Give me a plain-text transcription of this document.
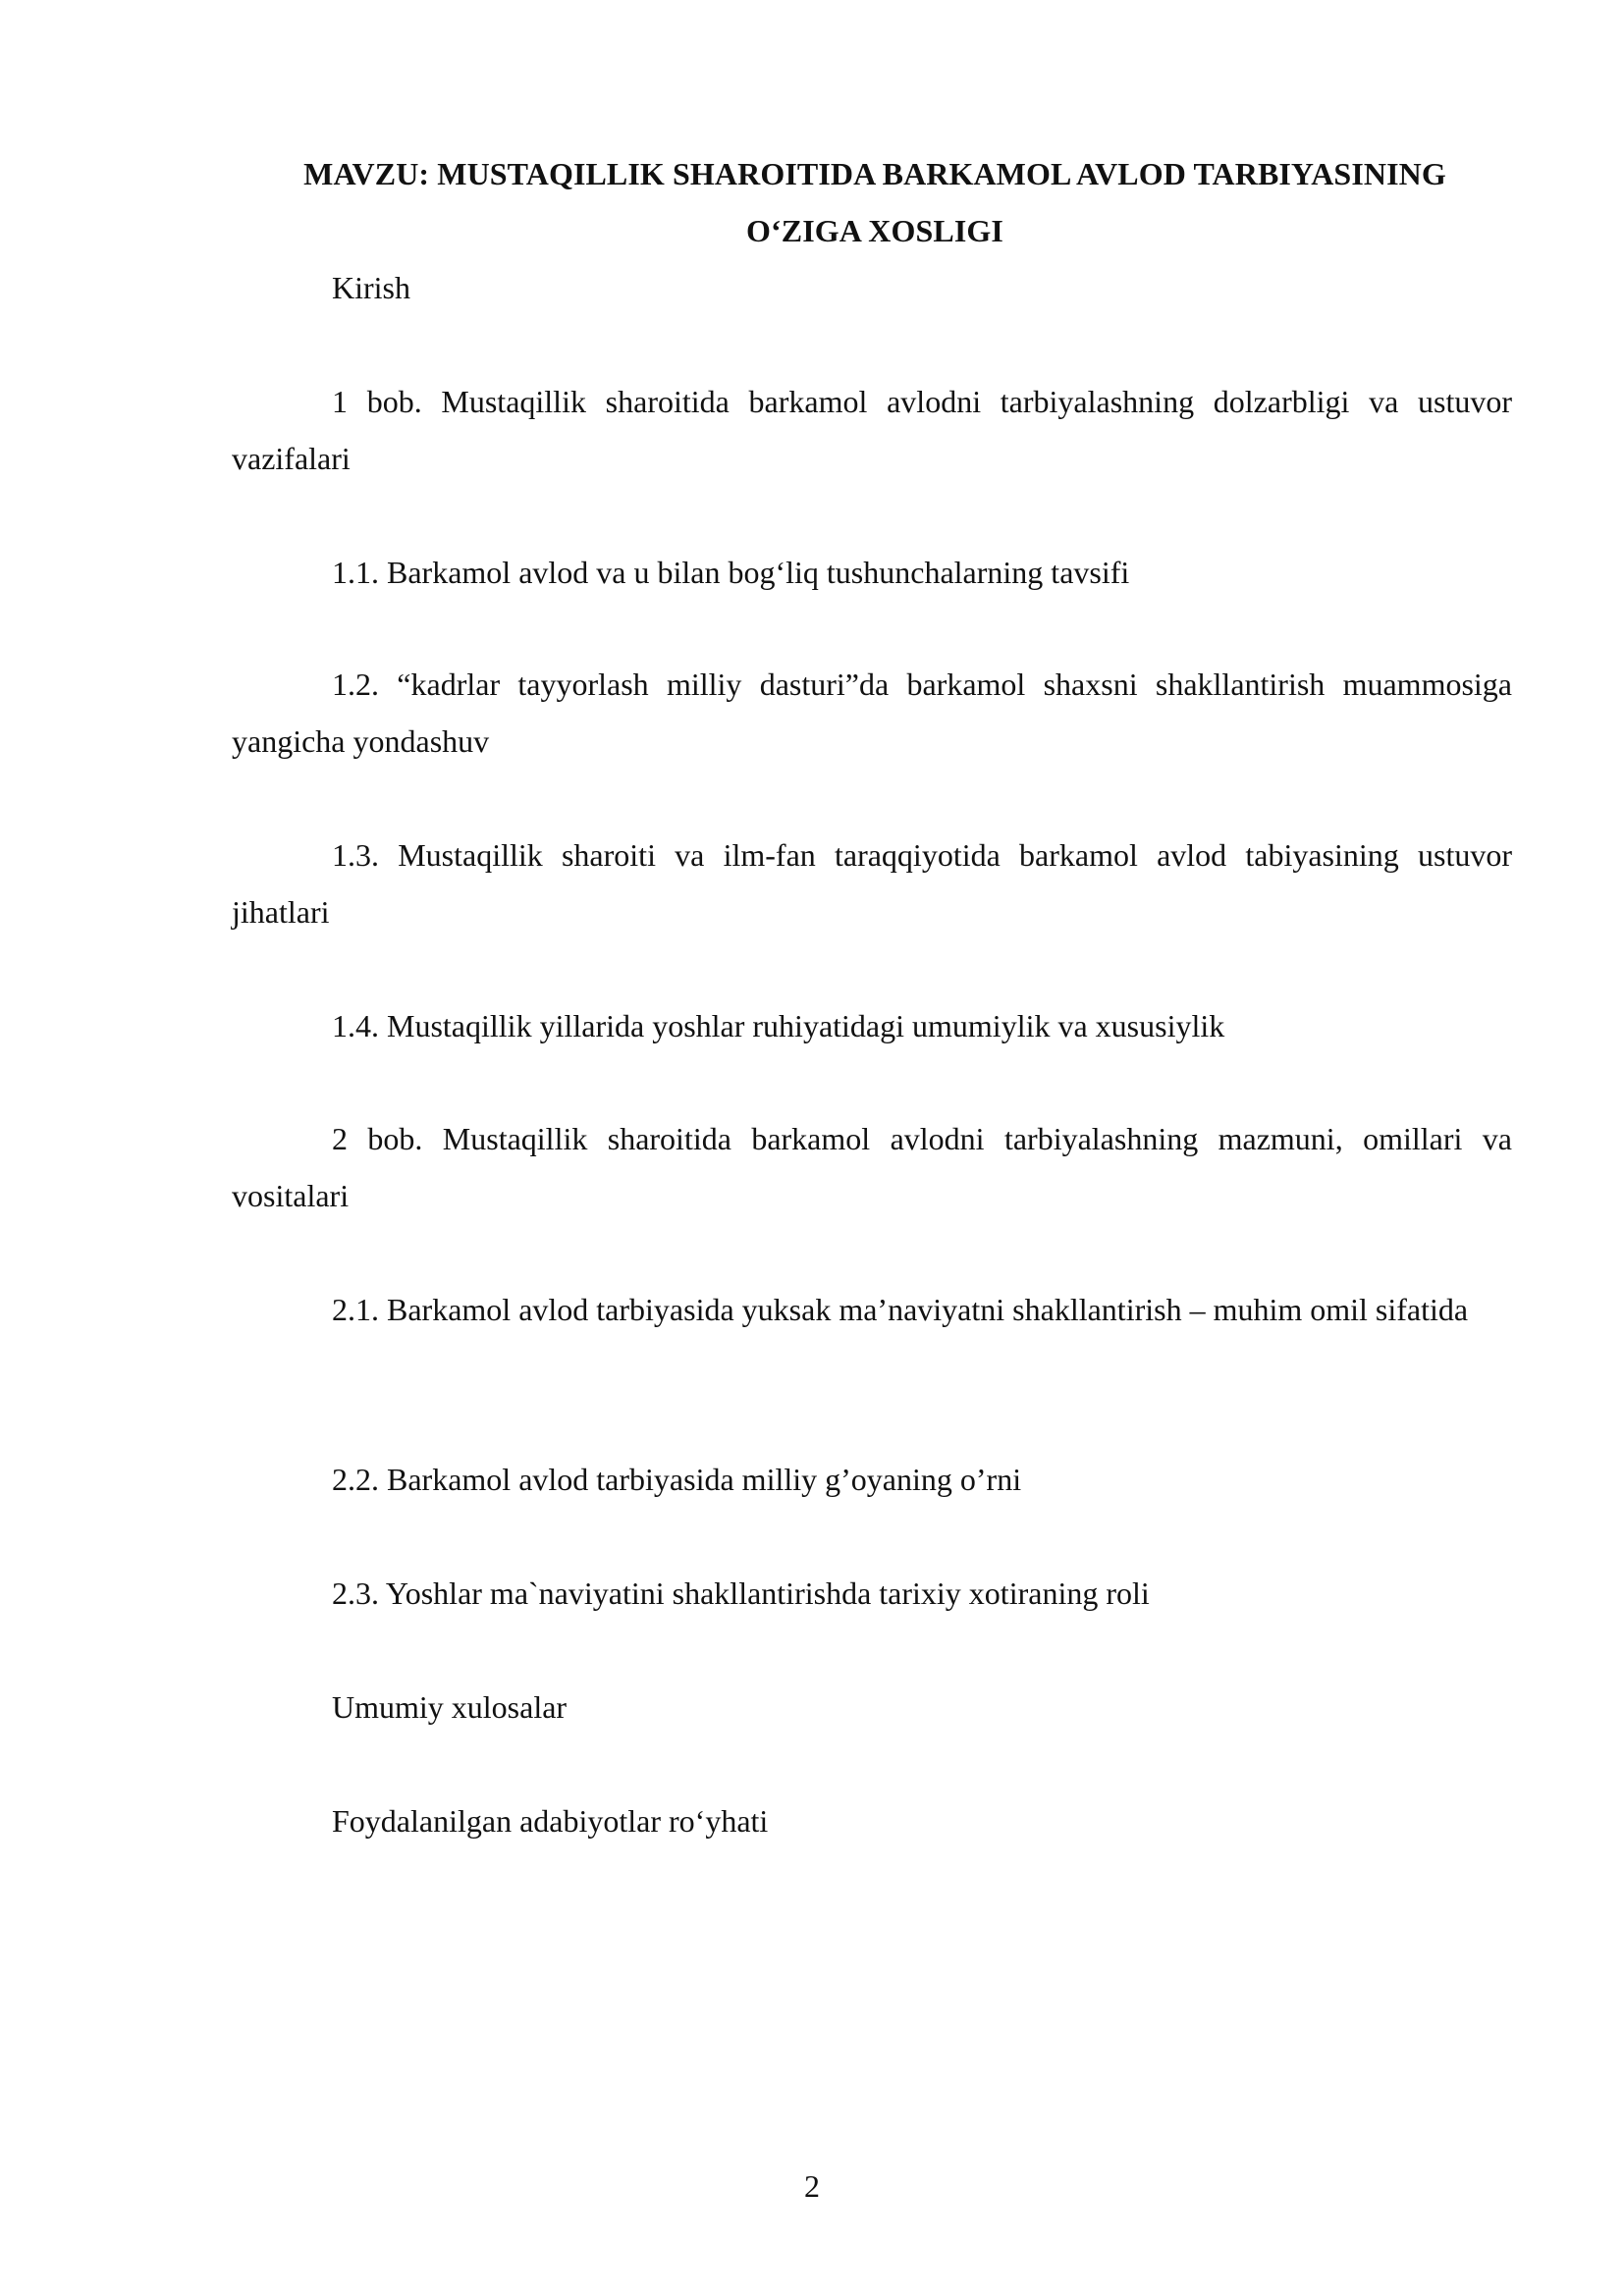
MAVZU: MUSTAQILLIK SHAROITIDA BARKAMOL AVLOD TARBIYASINING
O‘ZIGA XOSLIGI
Kirish
1 bob. Mustaqillik sharoitida barkamol avlodni tarbiyalashning dolzarbligi va ustuvor vazifalari
1.1. Barkamol avlod va u bilan bog‘liq tushunchalarning tavsifi
1.2. “kadrlar tayyorlash milliy dasturi”da barkamol shaxsni shakllantirish muammosiga yangicha yondashuv
1.3. Mustaqillik sharoiti va ilm-fan taraqqiyotida barkamol avlod tabiyasining ustuvor jihatlari
1.4. Mustaqillik yillarida yoshlar ruhiyatidagi umumiylik va xususiylik
2 bob. Mustaqillik sharoitida barkamol avlodni tarbiyalashning mazmuni, omillari va vositalari
2.1. Barkamol avlod tarbiyasida yuksak ma’naviyatni shakllantirish – muhim omil sifatida
2.2. Barkamol avlod tarbiyasida milliy g’oyaning o’rni
2.3. Yoshlar ma`naviyatini shakllantirishda tarixiy xotiraning roli
Umumiy xulosalar
Foydalanilgan adabiyotlar ro‘yhati
2
